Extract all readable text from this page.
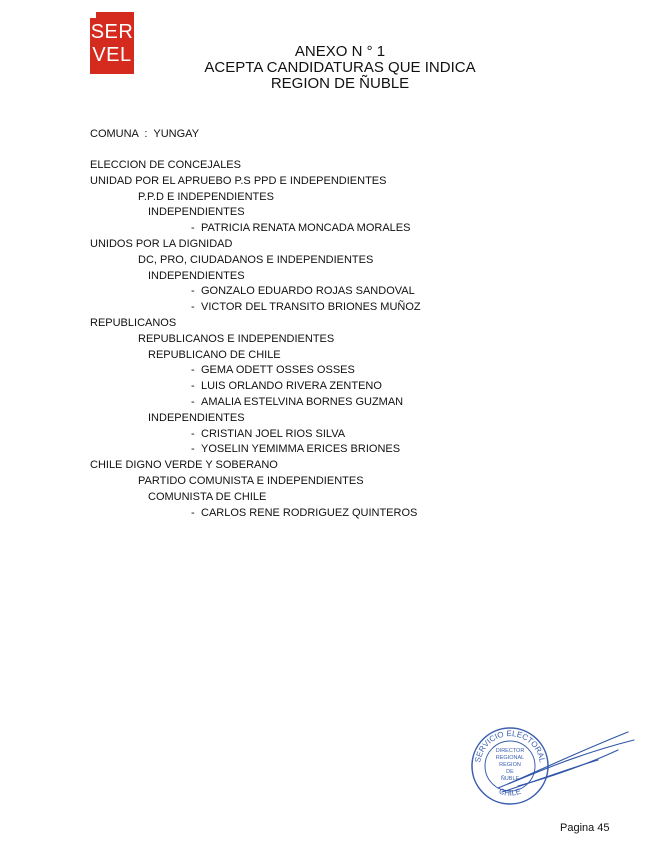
SER
VEL	ANEXO N ° 1
ACEPTA CANDIDATURAS QUE INDICA
REGION DE ÑUBLE
COMUNA : YUNGAY
ELECCION DE CONCEJALES
UNIDAD POR EL APRUEBO P.S PPD E INDEPENDIENTES
P.P.D E INDEPENDIENTES
INDEPENDIENTES
- PATRICIA RENATA MONCADA MORALES
UNIDOS POR LA DIGNIDAD
DC, PRO, CIUDADANOS E INDEPENDIENTES
INDEPENDIENTES
- GONZALO EDUARDO ROJAS SANDOVAL
- VICTOR DEL TRANSITO BRIONES MUÑOZ
REPUBLICANOS
REPUBLICANOS E INDEPENDIENTES
REPUBLICANO DE CHILE
- GEMA ODETT OSSES OSSES
- LUIS ORLANDO RIVERA ZENTENO
- AMALIA ESTELVINA BORNES GUZMAN
INDEPENDIENTES
- CRISTIAN JOEL RIOS SILVA
- YOSELIN YEMIMMA ERICES BRIONES
CHILE DIGNO VERDE Y SOBERANO
PARTIDO COMUNISTA E INDEPENDIENTES
COMUNISTA DE CHILE
- CARLOS RENE RODRIGUEZ QUINTEROS
SERVICIO ELECTORAL
CHILE
DIRECTOR
REGIONAL
REGION
DE
ÑUBLE
Pagina 45
